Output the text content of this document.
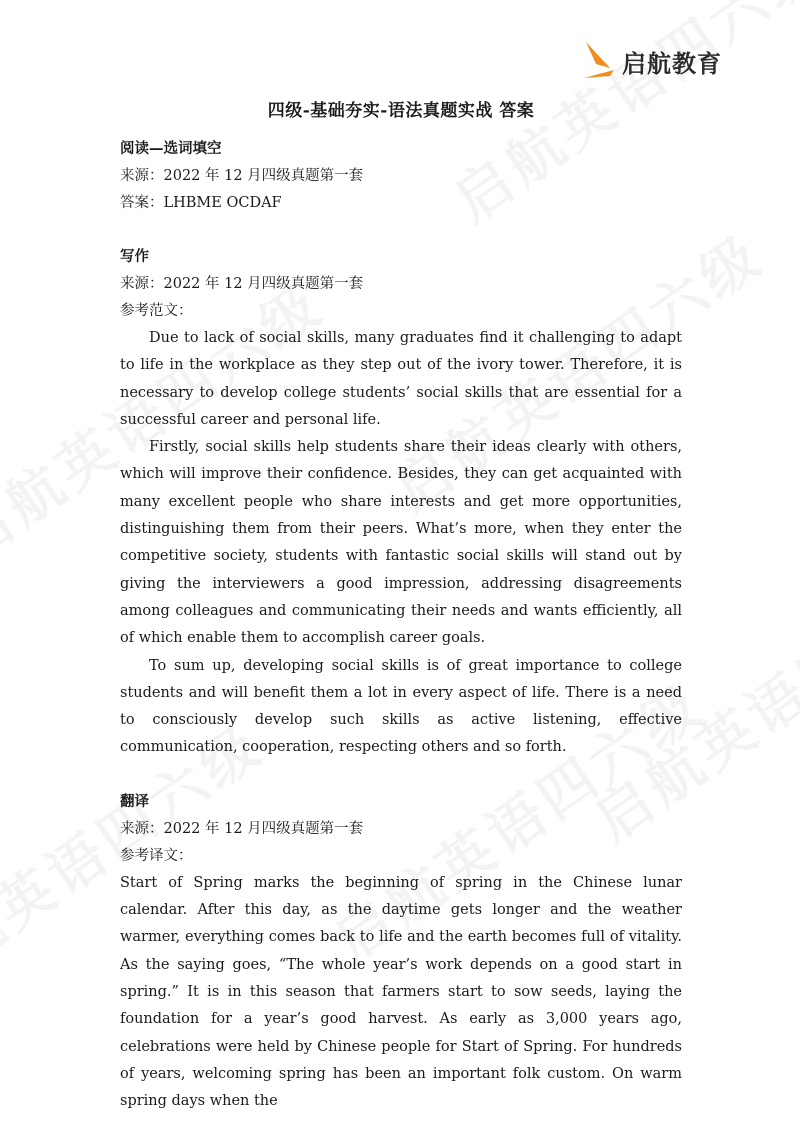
启航教育
四级-基础夯实-语法真题实战 答案
阅读—选词填空
来源：2022 年 12 月四级真题第一套
答案：LHBME OCDAF
写作
来源：2022 年 12 月四级真题第一套
参考范文：

Due to lack of social skills, many graduates find it challenging to adapt to life in the workplace as they step out of the ivory tower. Therefore, it is necessary to develop college students’ social skills that are essential for a successful career and personal life.

Firstly, social skills help students share their ideas clearly with others, which will improve their confidence. Besides, they can get acquainted with many excellent people who share interests and get more opportunities, distinguishing them from their peers. What’s more, when they enter the competitive society, students with fantastic social skills will stand out by giving the interviewers a good impression, addressing disagreements among colleagues and communicating their needs and wants efficiently, all of which enable them to accomplish career goals.

To sum up, developing social skills is of great importance to college students and will benefit them a lot in every aspect of life. There is a need to consciously develop such skills as active listening, effective communication, cooperation, respecting others and so forth.

翻译
来源：2022 年 12 月四级真题第一套
参考译文：

Start of Spring marks the beginning of spring in the Chinese lunar calendar. After this day, as the daytime gets longer and the weather warmer, everything comes back to life and the earth becomes full of vitality. As the saying goes, “The whole year’s work depends on a good start in spring.” It is in this season that farmers start to sow seeds, laying the foundation for a year’s good harvest. As early as 3,000 years ago, celebrations were held by Chinese people for Start of Spring. For hundreds of years, welcoming spring has been an important folk custom. On warm spring days when the
